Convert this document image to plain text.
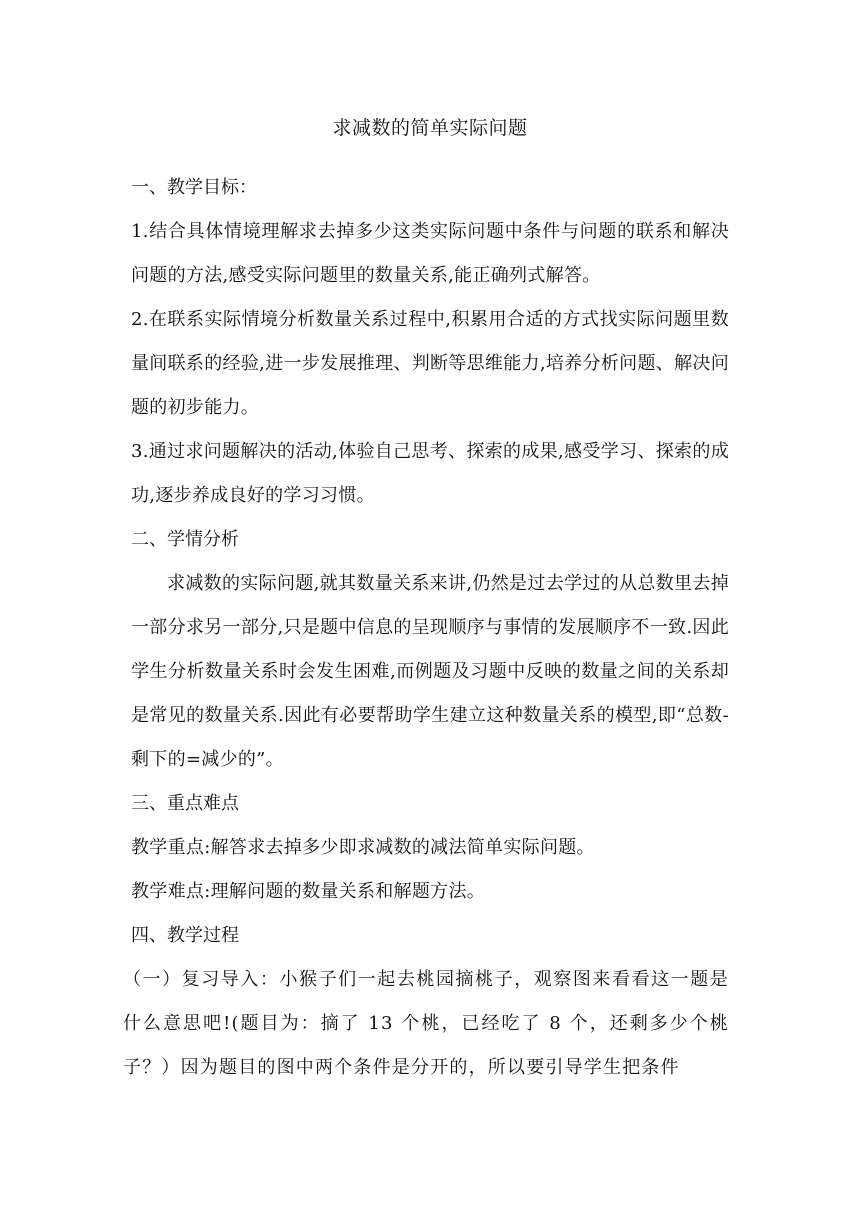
求减数的简单实际问题

一、教学目标：

1.结合具体情境理解求去掉多少这类实际问题中条件与问题的联系和解决问题的方法,感受实际问题里的数量关系,能正确列式解答。

2.在联系实际情境分析数量关系过程中,积累用合适的方式找实际问题里数量间联系的经验,进一步发展推理、判断等思维能力,培养分析问题、解决问题的初步能力。

3.通过求问题解决的活动,体验自己思考、探索的成果,感受学习、探索的成功,逐步养成良好的学习习惯。

二、学情分析

求减数的实际问题,就其数量关系来讲,仍然是过去学过的从总数里去掉一部分求另一部分,只是题中信息的呈现顺序与事情的发展顺序不一致.因此学生分析数量关系时会发生困难,而例题及习题中反映的数量之间的关系却是常见的数量关系.因此有必要帮助学生建立这种数量关系的模型,即“总数-剩下的=减少的”。

三、重点难点

教学重点:解答求去掉多少即求减数的减法简单实际问题。

教学难点:理解问题的数量关系和解题方法。

四、教学过程

（一）复习导入：小猴子们一起去桃园摘桃子，观察图来看看这一题是什么意思吧!(题目为：摘了 13 个桃，已经吃了 8 个，还剩多少个桃子？）因为题目的图中两个条件是分开的，所以要引导学生把条件
